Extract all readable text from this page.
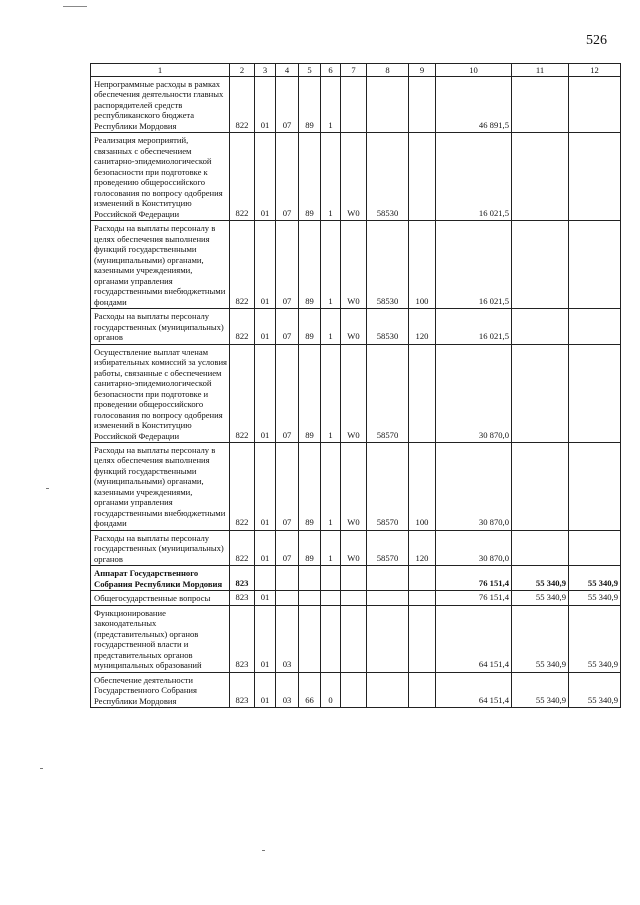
526
1	2	3	4	5	6	7	8	9	10	11	12
Непрограммные расходы в рамках обеспечения деятельности главных распорядителей средств республиканского бюджета Республики Мордовия	822	01	07	89	1				46 891,5		
Реализация мероприятий, связанных с обеспечением санитарно-эпидемиологической безопасности при подготовке к проведению общероссийского голосования по вопросу одобрения изменений в Конституцию Российской Федерации	822	01	07	89	1	W0	58530		16 021,5		
Расходы на выплаты персоналу в целях обеспечения выполнения функций государственными (муниципальными) органами, казенными учреждениями, органами управления государственными внебюджетными фондами	822	01	07	89	1	W0	58530	100	16 021,5		
Расходы на выплаты персоналу государственных (муниципальных) органов	822	01	07	89	1	W0	58530	120	16 021,5		
Осуществление выплат членам избирательных комиссий за условия работы, связанные с обеспечением санитарно-эпидемиологической безопасности при подготовке и проведении общероссийского голосования по вопросу одобрения изменений в Конституцию Российской Федерации	822	01	07	89	1	W0	58570		30 870,0		
Расходы на выплаты персоналу в целях обеспечения выполнения функций государственными (муниципальными) органами, казенными учреждениями, органами управления государственными внебюджетными фондами	822	01	07	89	1	W0	58570	100	30 870,0		
Расходы на выплаты персоналу государственных (муниципальных) органов	822	01	07	89	1	W0	58570	120	30 870,0		
Аппарат Государственного Собрания Республики Мордовия	823								76 151,4	55 340,9	55 340,9
Общегосударственные вопросы	823	01							76 151,4	55 340,9	55 340,9
Функционирование законодательных (представительных) органов государственной власти и представительных органов муниципальных образований	823	01	03						64 151,4	55 340,9	55 340,9
Обеспечение деятельности Государственного Собрания Республики Мордовия	823	01	03	66	0				64 151,4	55 340,9	55 340,9
